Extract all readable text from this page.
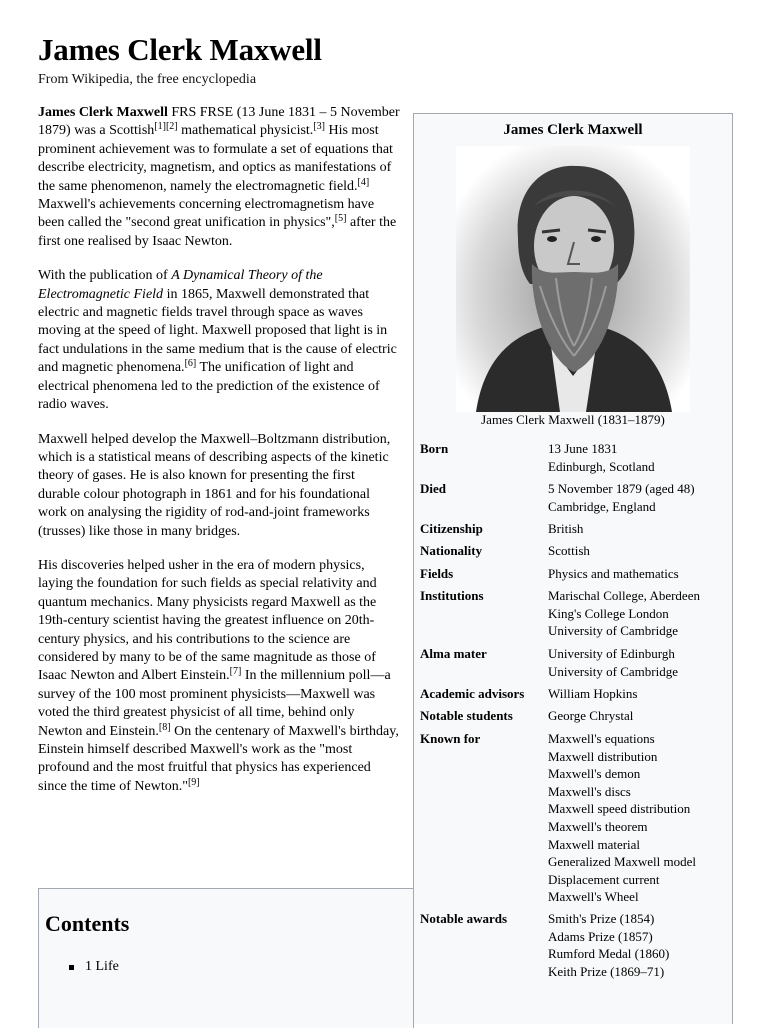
James Clerk Maxwell
From Wikipedia, the free encyclopedia

James Clerk Maxwell FRS FRSE (13 June 1831 – 5 November 1879) was a Scottish[1][2] mathematical physicist.[3] His most prominent achievement was to formulate a set of equations that describe electricity, magnetism, and optics as manifestations of the same phenomenon, namely the electromagnetic field.[4] Maxwell's achievements concerning electromagnetism have been called the "second great unification in physics",[5] after the first one realised by Isaac Newton.

With the publication of A Dynamical Theory of the Electromagnetic Field in 1865, Maxwell demonstrated that electric and magnetic fields travel through space as waves moving at the speed of light. Maxwell proposed that light is in fact undulations in the same medium that is the cause of electric and magnetic phenomena.[6] The unification of light and electrical phenomena led to the prediction of the existence of radio waves.

Maxwell helped develop the Maxwell–Boltzmann distribution, which is a statistical means of describing aspects of the kinetic theory of gases. He is also known for presenting the first durable colour photograph in 1861 and for his foundational work on analysing the rigidity of rod-and-joint frameworks (trusses) like those in many bridges.

His discoveries helped usher in the era of modern physics, laying the foundation for such fields as special relativity and quantum mechanics. Many physicists regard Maxwell as the 19th-century scientist having the greatest influence on 20th-century physics, and his contributions to the science are considered by many to be of the same magnitude as those of Isaac Newton and Albert Einstein.[7] In the millennium poll—a survey of the 100 most prominent physicists—Maxwell was voted the third greatest physicist of all time, behind only Newton and Einstein.[8] On the centenary of Maxwell's birthday, Einstein himself described Maxwell's work as the "most profound and the most fruitful that physics has experienced since the time of Newton."[9]

Contents
1 Life
James Clerk Maxwell
James Clerk Maxwell (1831–1879)
Born	13 June 1831
Edinburgh, Scotland
Died	5 November 1879 (aged 48)
Cambridge, England
Citizenship	British
Nationality	Scottish
Fields	Physics and mathematics
Institutions	Marischal College, Aberdeen
King's College London
University of Cambridge
Alma mater	University of Edinburgh
University of Cambridge
Academic advisors William Hopkins
Notable students	George Chrystal
Known for	Maxwell's equations
Maxwell distribution
Maxwell's demon
Maxwell's discs
Maxwell speed distribution
Maxwell's theorem
Maxwell material
Generalized Maxwell model
Displacement current
Maxwell's Wheel
Notable awards	Smith's Prize (1854)
Adams Prize (1857)
Rumford Medal (1860)
Keith Prize (1869–71)
